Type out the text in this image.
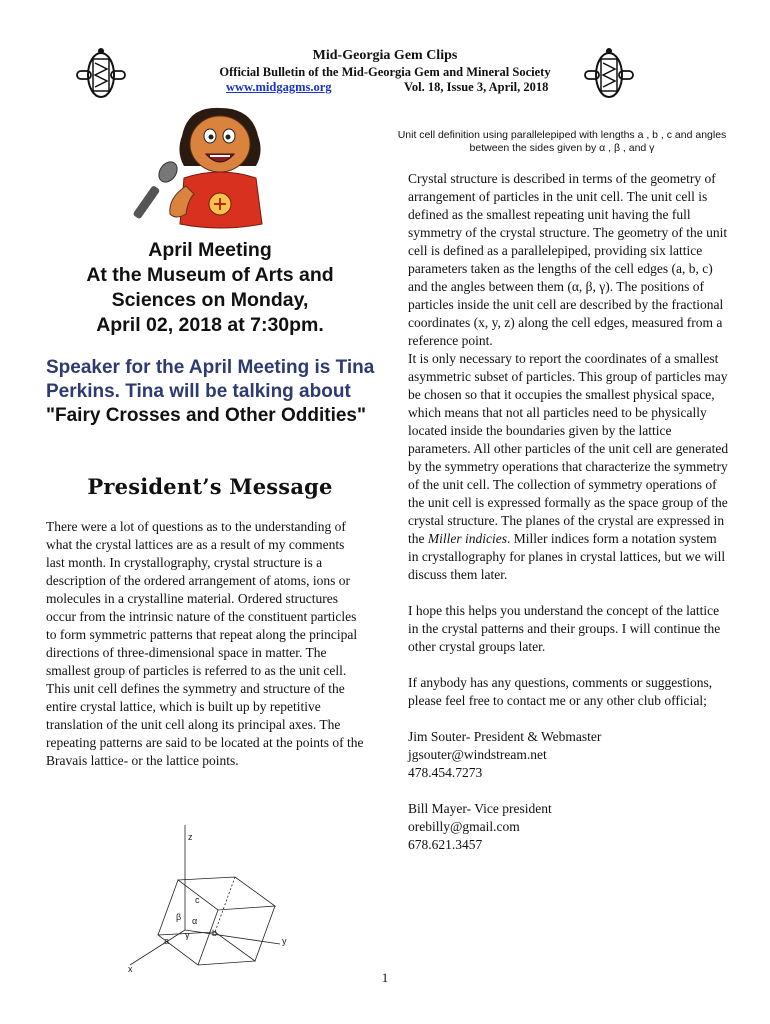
Mid-Georgia Gem Clips
Official Bulletin of the Mid-Georgia Gem and Mineral Society
www.midgagms.org	Vol. 18, Issue 3, April, 2018
Unit cell definition using parallelepiped with lengths a , b , c and angles
between the sides given by α , β , and γ
April Meeting
At the Museum of Arts and
Sciences on Monday,
April 02, 2018 at 7:30pm.
Speaker for the April Meeting is Tina Perkins. Tina will be talking about "Fairy Crosses and Other Oddities"
President’s Message
There were a lot of questions as to the understanding of what the crystal lattices are as a result of my comments last month. In crystallography, crystal structure is a description of the ordered arrangement of atoms, ions or molecules in a crystalline material. Ordered structures occur from the intrinsic nature of the constituent particles to form symmetric patterns that repeat along the principal directions of three-dimensional space in matter. The smallest group of particles is referred to as the unit cell. This unit cell defines the symmetry and structure of the entire crystal lattice, which is built up by repetitive translation of the unit cell along its principal axes. The repeating patterns are said to be located at the points of the Bravais lattice- or the lattice points.
z
y
x
c
b
a
α
β
γ

Crystal structure is described in terms of the geometry of arrangement of particles in the unit cell. The unit cell is defined as the smallest repeating unit having the full symmetry of the crystal structure. The geometry of the unit cell is defined as a parallelepiped, providing six lattice parameters taken as the lengths of the cell edges (a, b, c) and the angles between them (α, β, γ). The positions of particles inside the unit cell are described by the fractional coordinates (x, y, z) along the cell edges, measured from a reference point.

It is only necessary to report the coordinates of a smallest asymmetric subset of particles. This group of particles may be chosen so that it occupies the smallest physical space, which means that not all particles need to be physically located inside the boundaries given by the lattice parameters. All other particles of the unit cell are generated by the symmetry operations that characterize the symmetry of the unit cell. The collection of symmetry operations of the unit cell is expressed formally as the space group of the crystal structure. The planes of the crystal are expressed in the Miller indicies. Miller indices form a notation system in crystallography for planes in crystal lattices, but we will discuss them later.

I hope this helps you understand the concept of the lattice in the crystal patterns and their groups. I will continue the other crystal groups later.

If anybody has any questions, comments or suggestions, please feel free to contact me or any other club official;

Jim Souter- President & Webmaster
jgsouter@windstream.net
478.454.7273
Bill Mayer- Vice president
orebilly@gmail.com
678.621.3457
1
